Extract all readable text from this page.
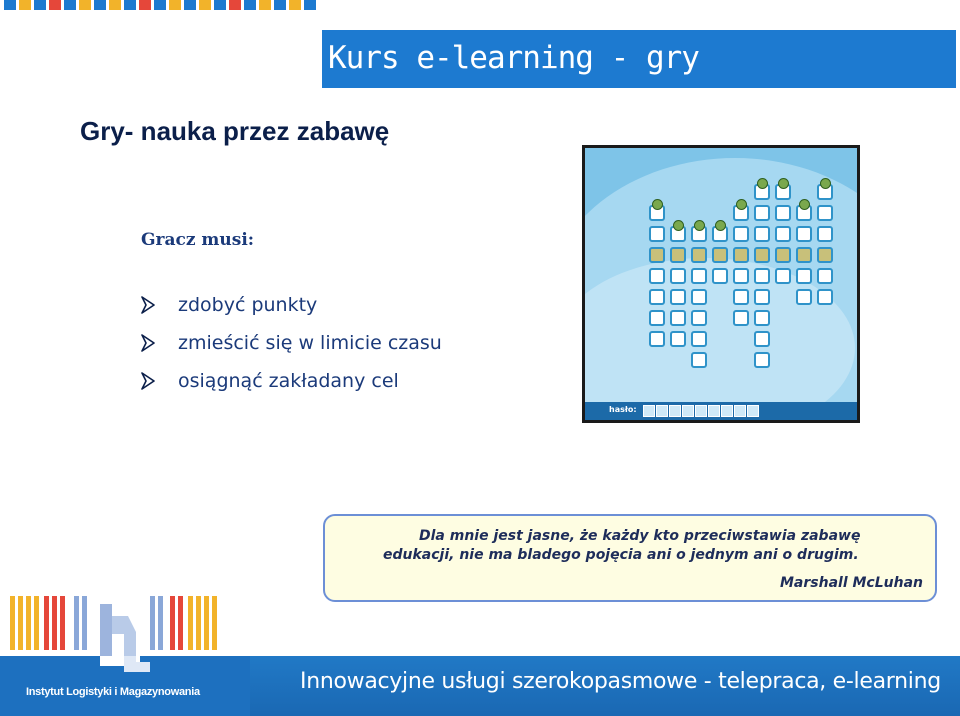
Kurs e-learning - gry
Gry- nauka przez zabawę
Gracz musi:
zdobyć punkty
zmieścić się w limicie czasu
osiągnąć zakładany cel
hasło:
Dla mnie jest jasne, że każdy kto przeciwstawia zabawę
edukacji, nie ma bladego pojęcia ani o jednym ani o drugim.
Marshall McLuhan
Instytut Logistyki i Magazynowania	Innowacyjne usługi szerokopasmowe - telepraca, e-learning
